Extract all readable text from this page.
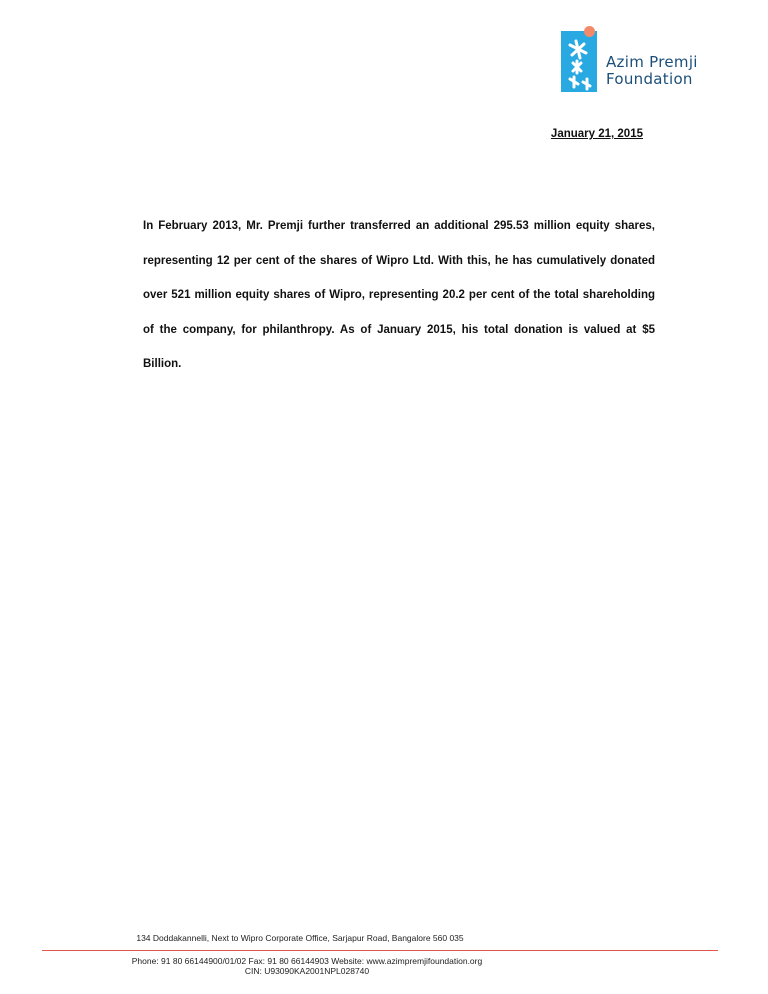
Azim Premji
Foundation
January 21, 2015

In February 2013, Mr. Premji further transferred an additional 295.53 million equity shares, representing 12 per cent of the shares of Wipro Ltd. With this, he has cumulatively donated over 521 million equity shares of Wipro, representing 20.2 per cent of the total shareholding of the company, for philanthropy. As of January 2015, his total donation is valued at $5 Billion.

134 Doddakannelli, Next to Wipro Corporate Office, Sarjapur Road, Bangalore 560 035
Phone: 91 80 66144900/01/02 Fax: 91 80 66144903 Website: www.azimpremjifoundation.org
CIN: U93090KA2001NPL028740
